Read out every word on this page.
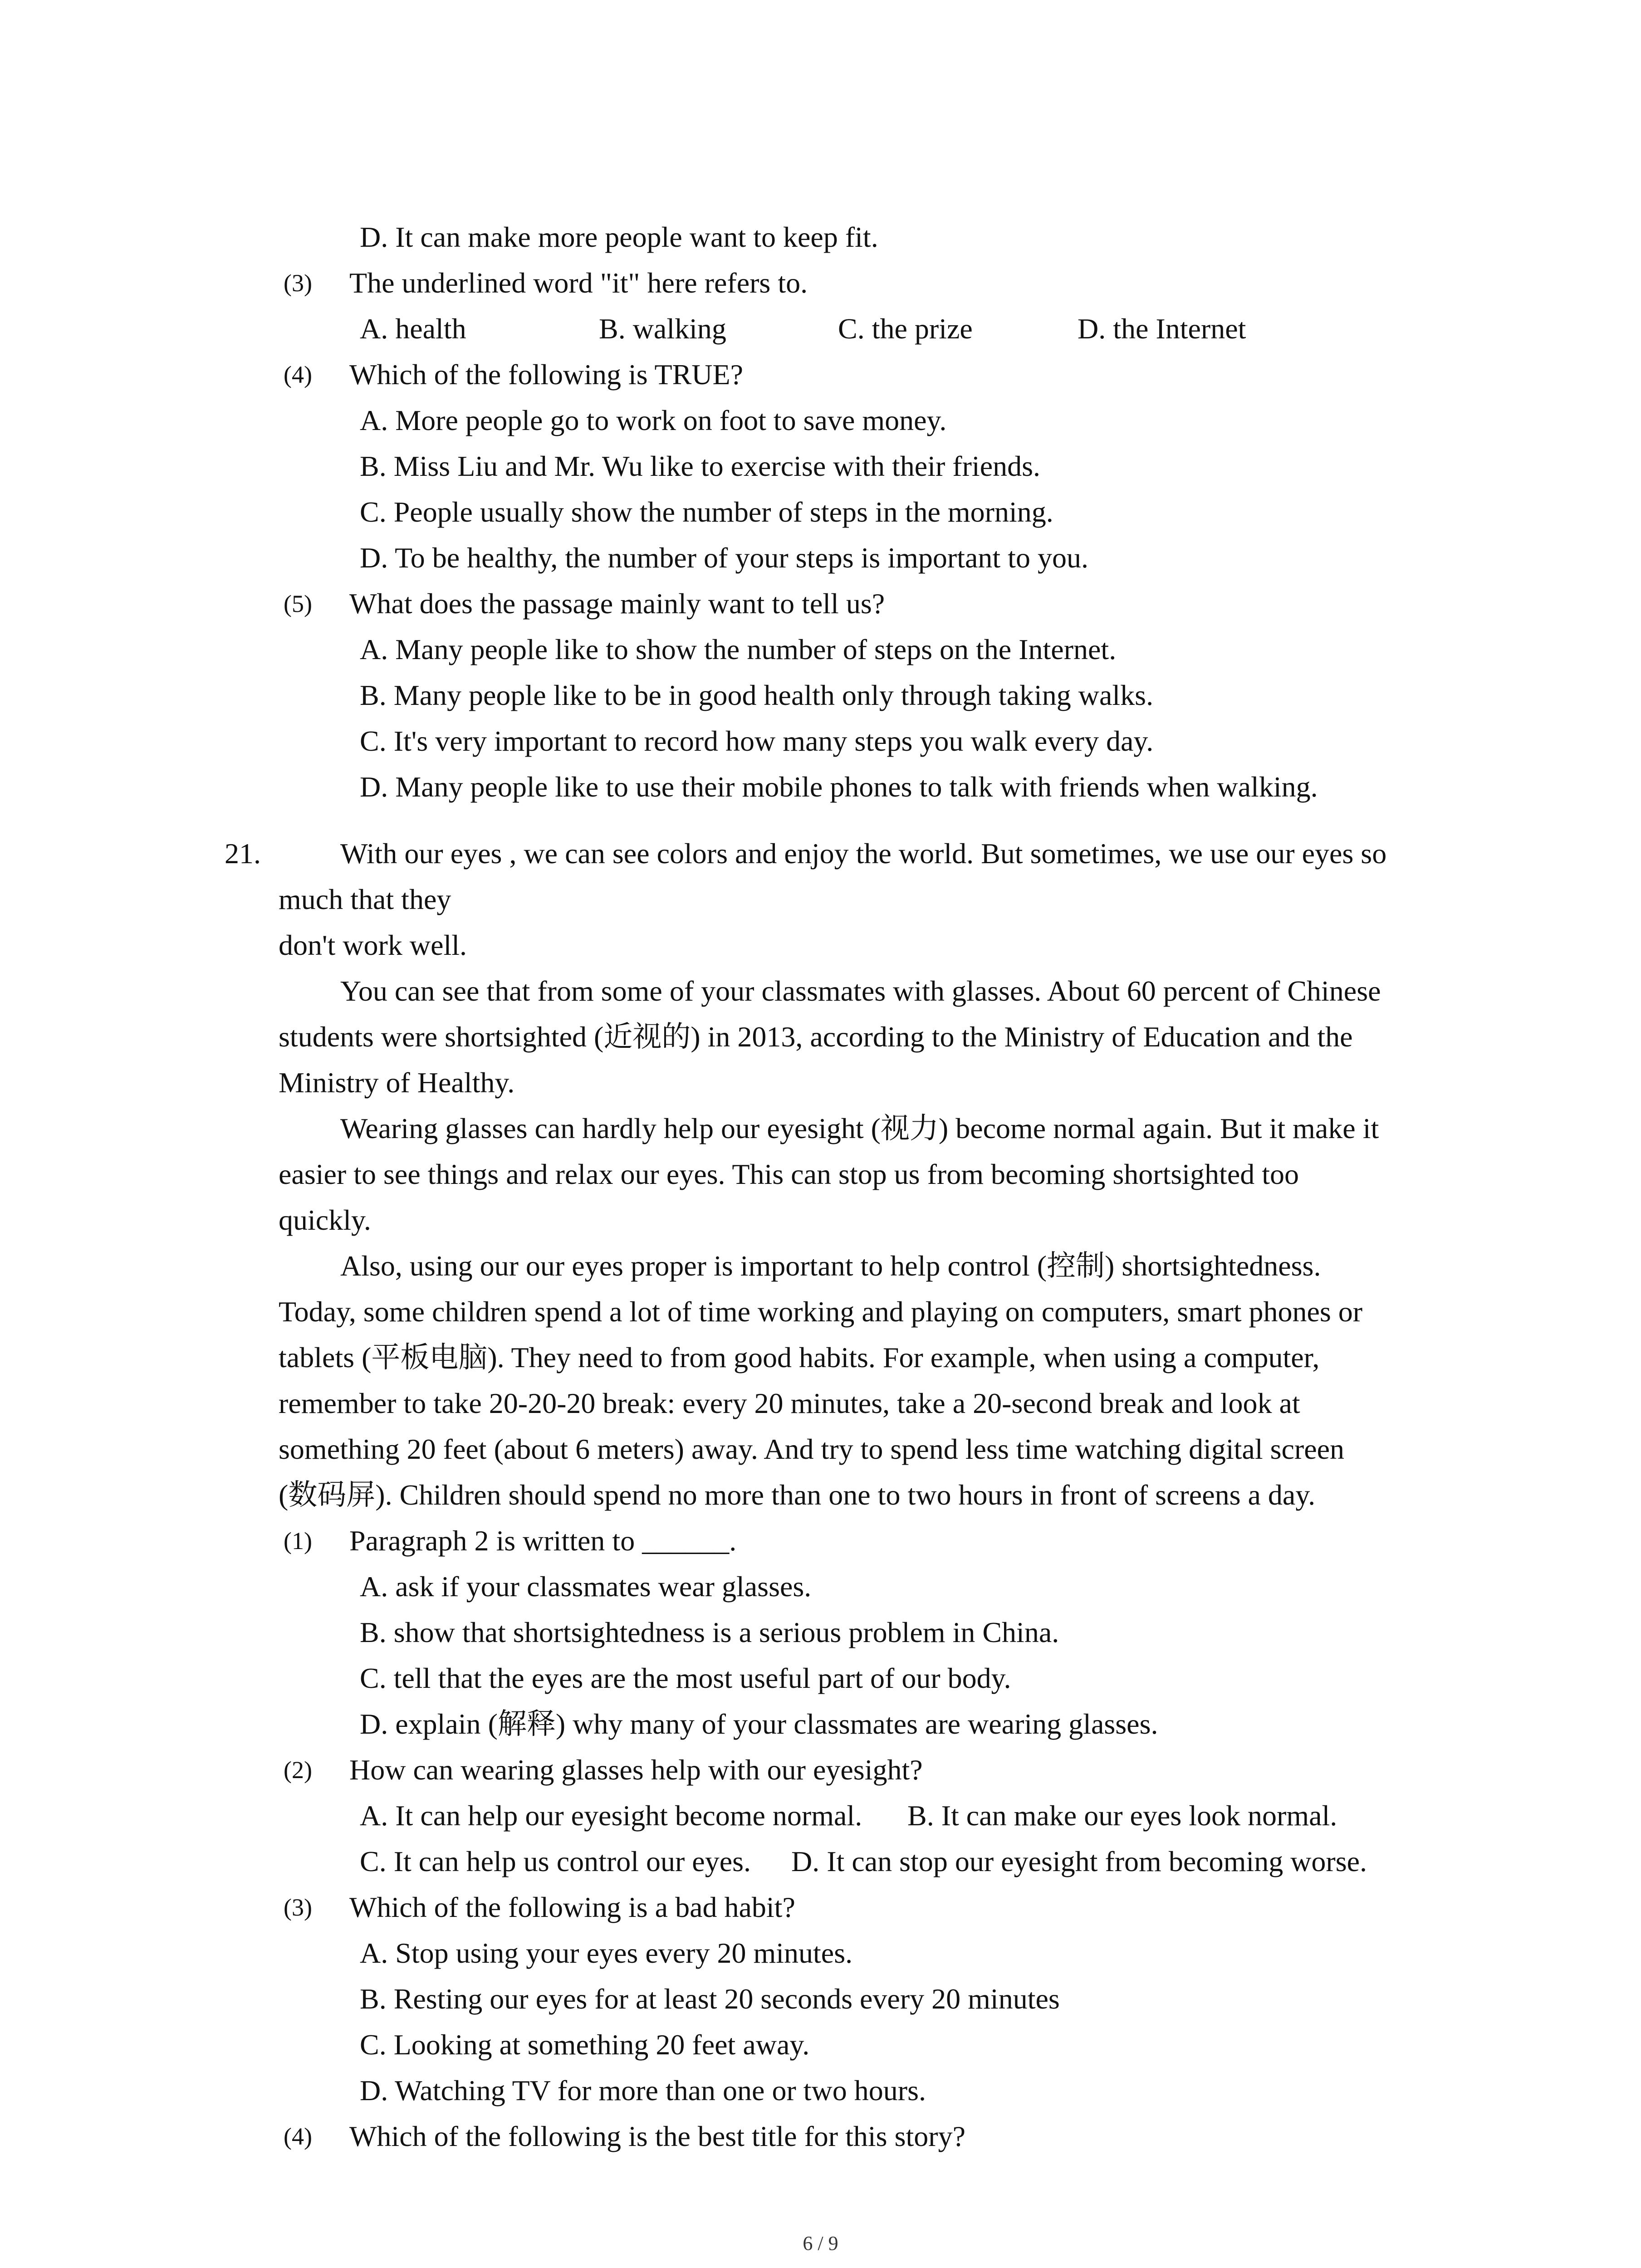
D. It can make more people want to keep fit.
(3) The underlined word "it" here refers to.
A. health	B. walking	C. the prize	D. the Internet
(4) Which of the following is TRUE?
A. More people go to work on foot to save money.
B. Miss Liu and Mr. Wu like to exercise with their friends.
C. People usually show the number of steps in the morning.
D. To be healthy, the number of your steps is important to you.
(5) What does the passage mainly want to tell us?
A. Many people like to show the number of steps on the Internet.
B. Many people like to be in good health only through taking walks.
C. It's very important to record how many steps you walk every day.
D. Many people like to use their mobile phones to talk with friends when walking.
21.	With our eyes , we can see colors and enjoy the world. But sometimes, we use our eyes so
much that they
don't work well.
You can see that from some of your classmates with glasses. About 60 percent of Chinese
students were shortsighted (近视的) in 2013, according to the Ministry of Education and the
Ministry of Healthy.
Wearing glasses can hardly help our eyesight (视力) become normal again. But it make it
easier to see things and relax our eyes. This can stop us from becoming shortsighted too
quickly.
Also, using our our eyes proper is important to help control (控制) shortsightedness.
Today, some children spend a lot of time working and playing on computers, smart phones or
tablets (平板电脑). They need to from good habits. For example, when using a computer,
remember to take 20-20-20 break: every 20 minutes, take a 20-second break and look at
something 20 feet (about 6 meters) away. And try to spend less time watching digital screen
(数码屏). Children should spend no more than one to two hours in front of screens a day.
(1) Paragraph 2 is written to ______.
A. ask if your classmates wear glasses.
B. show that shortsightedness is a serious problem in China.
C. tell that the eyes are the most useful part of our body.
D. explain (解释) why many of your classmates are wearing glasses.
(2) How can wearing glasses help with our eyesight?
A. It can help our eyesight become normal. B. It can make our eyes look normal.
C. It can help us control our eyes. D. It can stop our eyesight from becoming worse.
(3) Which of the following is a bad habit?
A. Stop using your eyes every 20 minutes.
B. Resting our eyes for at least 20 seconds every 20 minutes
C. Looking at something 20 feet away.
D. Watching TV for more than one or two hours.
(4) Which of the following is the best title for this story?
6 / 9
